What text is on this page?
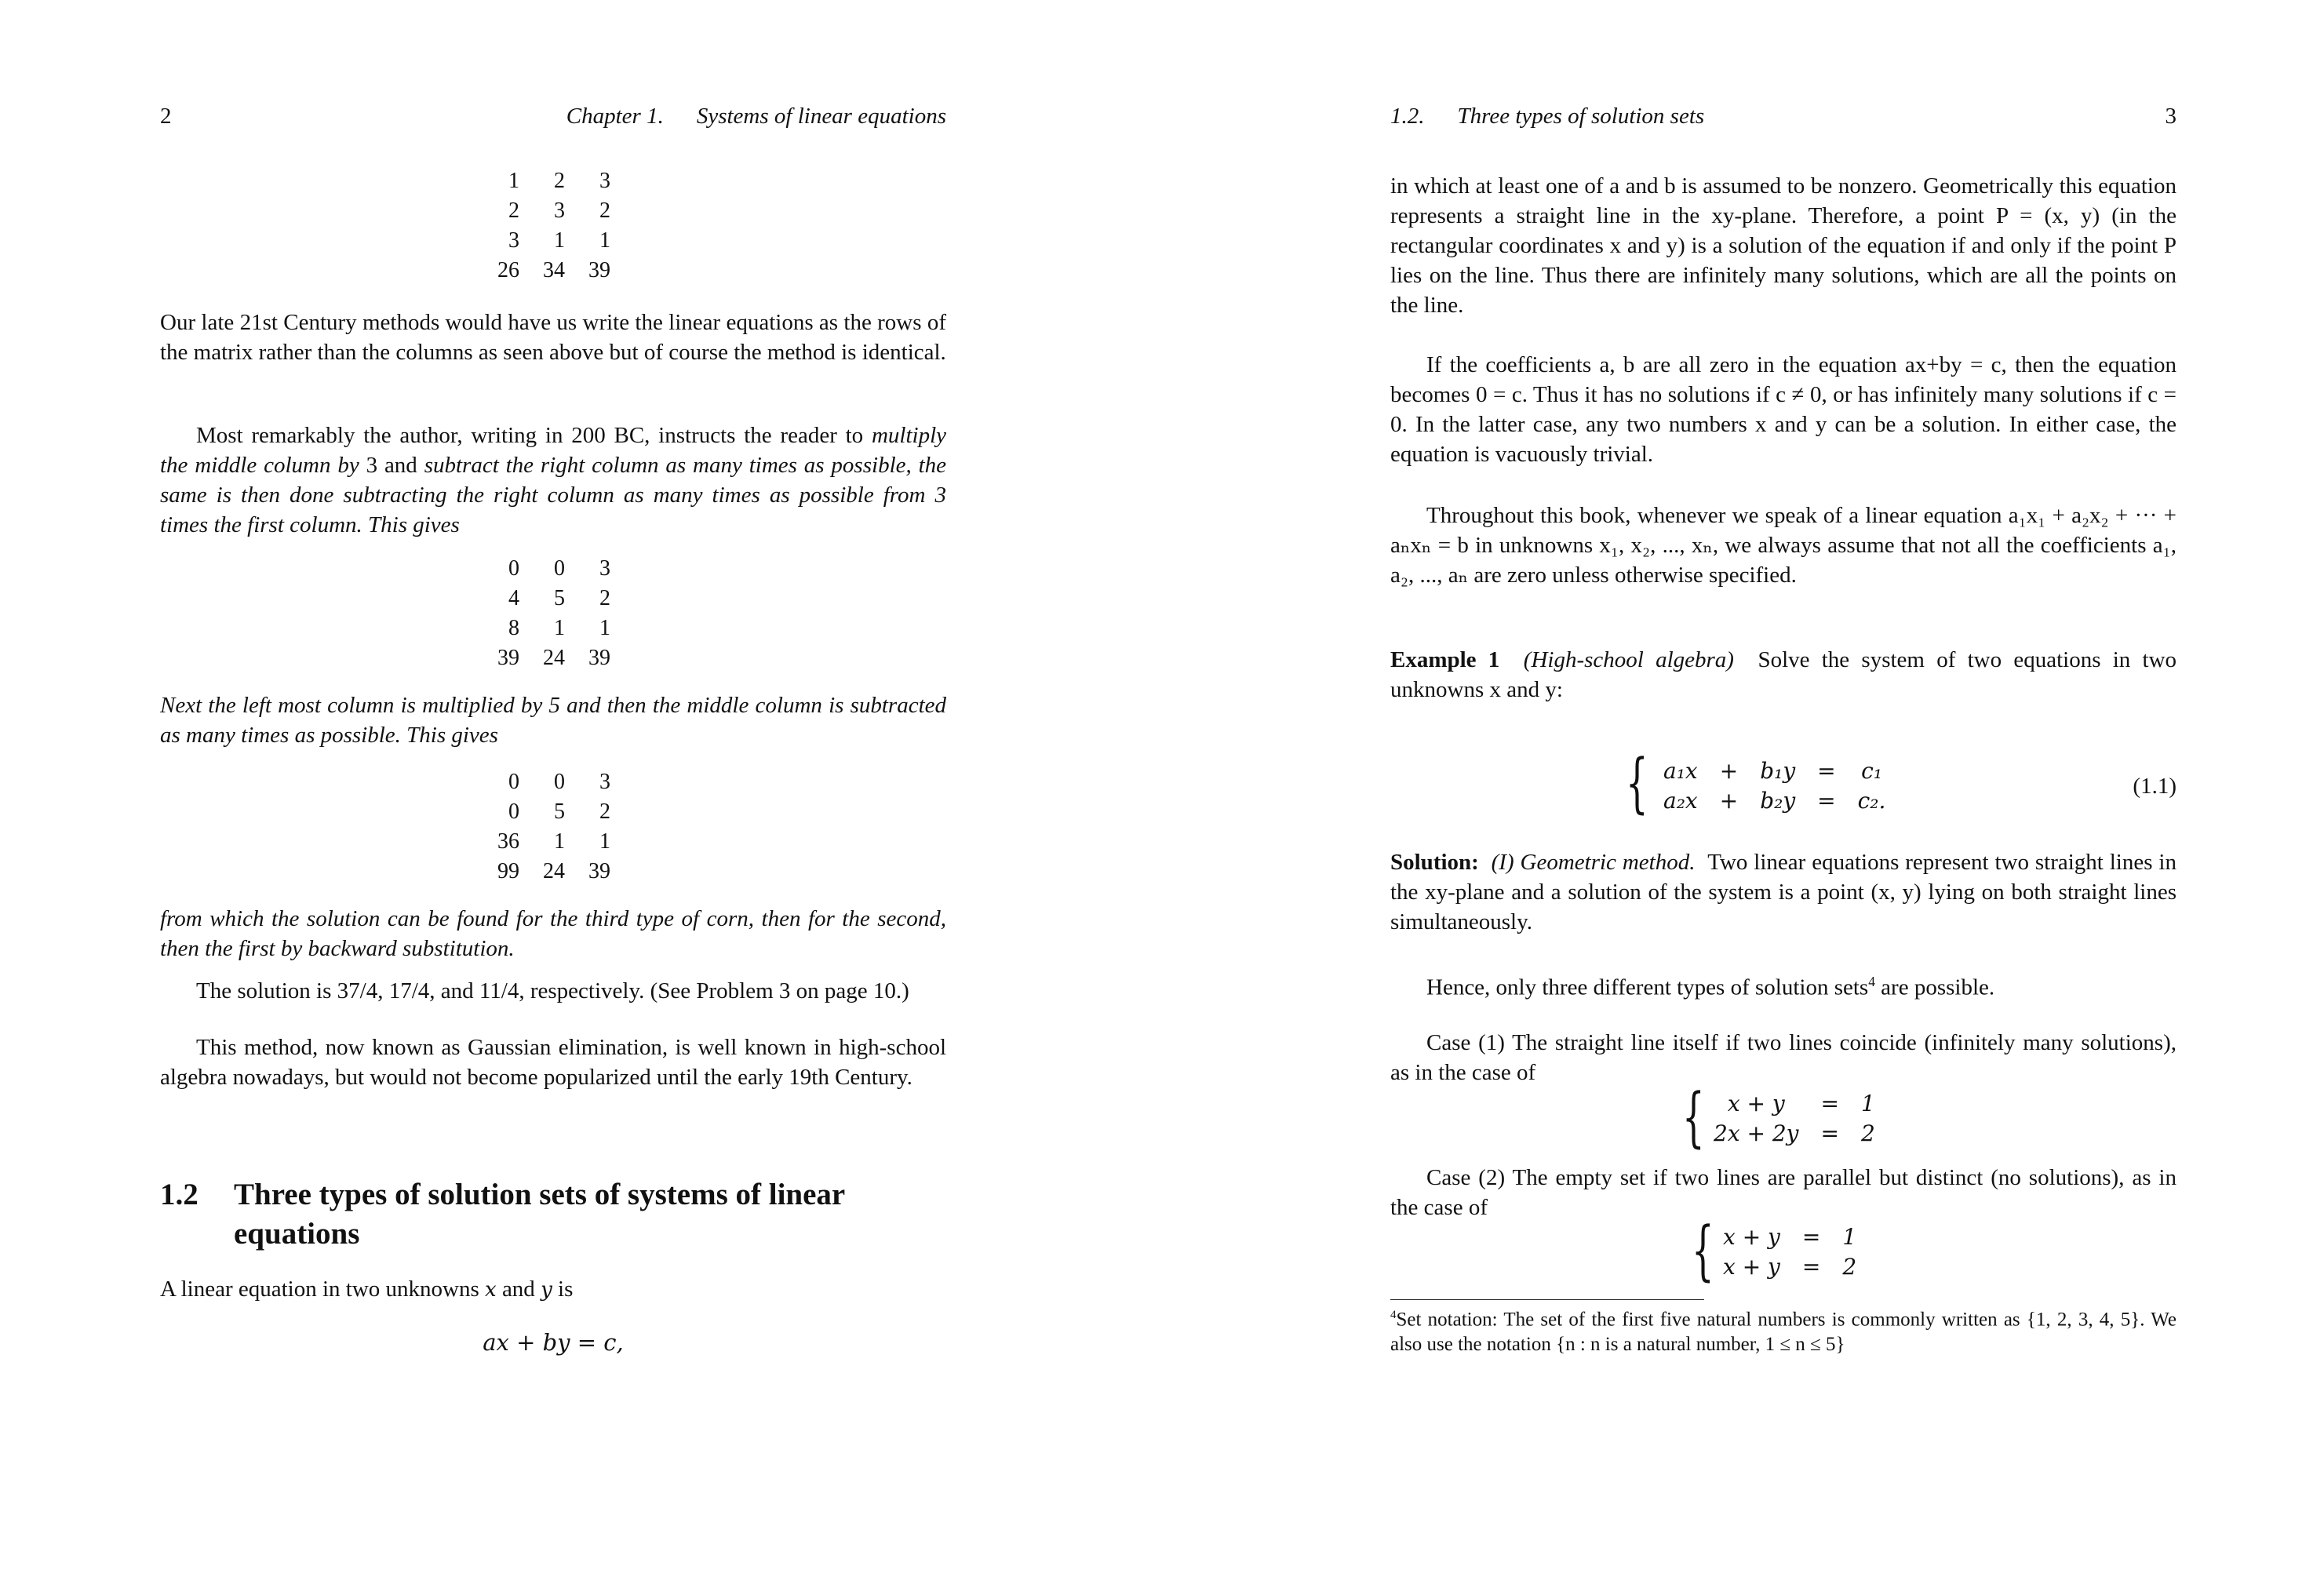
2	Chapter 1. Systems of linear equations
1	2	3
2	3	2
3	1	1
26	34	39
Our late 21st Century methods would have us write the linear equations as the rows of the matrix rather than the columns as seen above but of course the method is identical.
Most remarkably the author, writing in 200 BC, instructs the reader to multiply the middle column by 3 and subtract the right column as many times as possible, the same is then done subtracting the right column as many times as possible from 3 times the first column. This gives
0	0	3
4	5	2
8	1	1
39	24	39
Next the left most column is multiplied by 5 and then the middle column is subtracted as many times as possible. This gives
0	0	3
0	5	2
36	1	1
99	24	39
from which the solution can be found for the third type of corn, then for the second, then the first by backward substitution.
The solution is 37/4, 17/4, and 11/4, respectively. (See Problem 3 on page 10.)
This method, now known as Gaussian elimination, is well known in high-school algebra nowadays, but would not become popularized until the early 19th Century.
1.2 Three types of solution sets of systems of linear equations
A linear equation in two unknowns x and y is
ax + by = c,
1.2. Three types of solution sets	3
in which at least one of a and b is assumed to be nonzero. Geometrically this equation represents a straight line in the xy-plane. Therefore, a point P = (x, y) (in the rectangular coordinates x and y) is a solution of the equation if and only if the point P lies on the line. Thus there are infinitely many solutions, which are all the points on the line.
If the coefficients a, b are all zero in the equation ax+by = c, then the equation becomes 0 = c. Thus it has no solutions if c ≠ 0, or has infinitely many solutions if c = 0. In the latter case, any two numbers x and y can be a solution. In either case, the equation is vacuously trivial.
Throughout this book, whenever we speak of a linear equation a₁x₁ + a₂x₂ + ··· + aₙxₙ = b in unknowns x₁, x₂, ..., xₙ, we always assume that not all the coefficients a₁, a₂, ..., aₙ are zero unless otherwise specified.
Example 1 (High-school algebra) Solve the system of two equations in two unknowns x and y:
{ a₁x	+	b₁y	=	c₁
a₂x	+	b₂y	=	c₂.
(1.1)
Solution: (I) Geometric method. Two linear equations represent two straight lines in the xy-plane and a solution of the system is a point (x, y) lying on both straight lines simultaneously.
Hence, only three different types of solution sets$^4$ are possible.
Case (1) The straight line itself if two lines coincide (infinitely many solutions), as in the case of
{ x + y	=	1
2x + 2y	=	2
Case (2) The empty set if two lines are parallel but distinct (no solutions), as in the case of
{ x + y	=	1
x + y	=	2
$^4$Set notation: The set of the first five natural numbers is commonly written as {1, 2, 3, 4, 5}. We also use the notation {n : n is a natural number, 1 ≤ n ≤ 5}
